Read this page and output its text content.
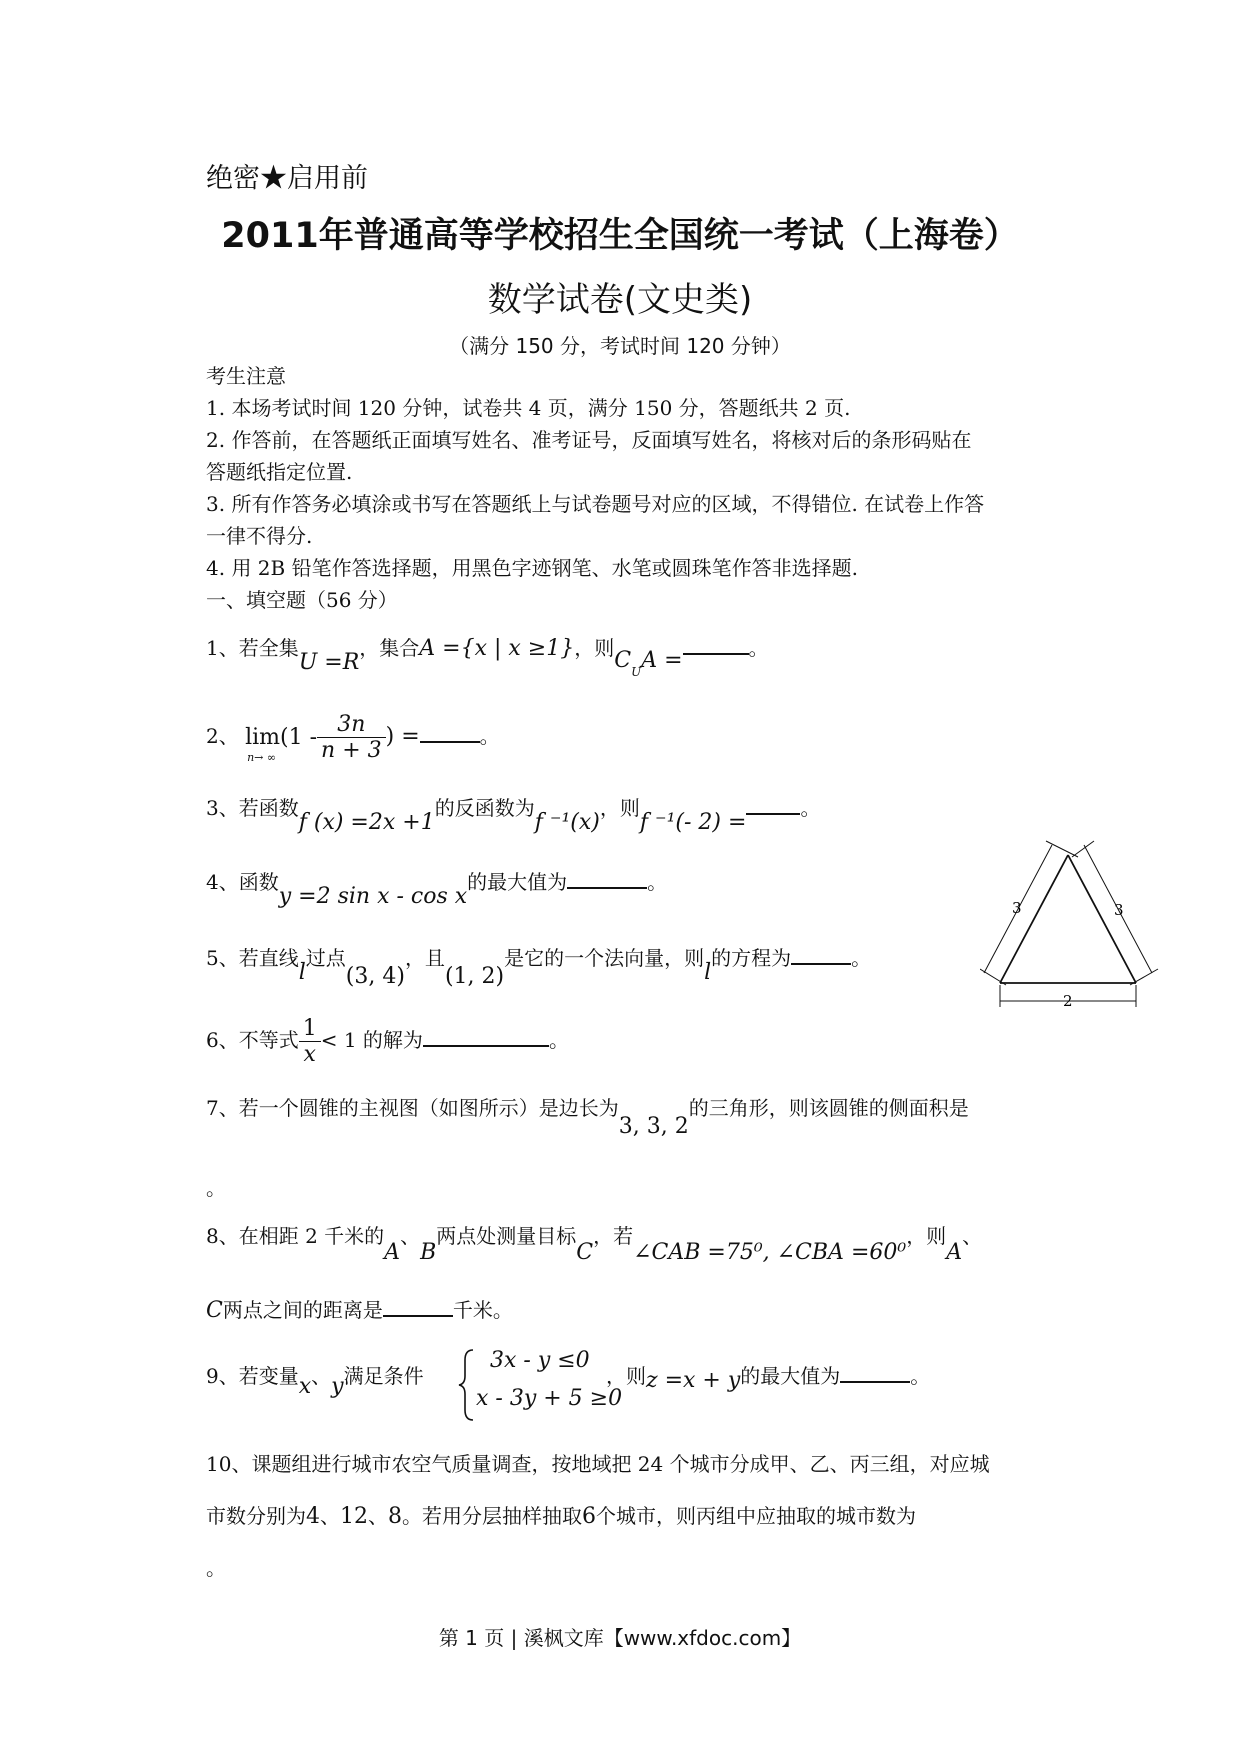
绝密★启用前
2011年普通高等学校招生全国统一考试（上海卷）
数学试卷(文史类)
（满分 150 分，考试时间 120 分钟）
考生注意
1. 本场考试时间 120 分钟，试卷共 4 页，满分 150 分，答题纸共 2 页.
2. 作答前，在答题纸正面填写姓名、准考证号，反面填写姓名，将核对后的条形码贴在
答题纸指定位置.
3. 所有作答务必填涂或书写在答题纸上与试卷题号对应的区域，不得错位. 在试卷上作答
一律不得分.
4. 用 2B 铅笔作答选择题，用黑色字迹钢笔、水笔或圆珠笔作答非选择题.
一、填空题（56 分）
1、若全集U =R，集合A ={x | x ≥1}，则$C_UA$ =	。
2、 lim(1 -
n→ ∞ $\frac{3n}{n + 3}$ ) =	。
3、若函数f (x) =2x +1的反函数为f ⁻¹(x)，则f ⁻¹(- 2) =。
4、函数y =2 sin x - cos x的最大值为	。
5、若直线l过点(3, 4)，且(1, 2)是它的一个法向量，则l的方程为	。
6、不等式 $\frac{1}{x} < 1$ 的解为	。
7、若一个圆锥的主视图（如图所示）是边长为3, 3, 2的三角形，则该圆锥的侧面积是
。
8、在相距 2 千米的A、B两点处测量目标C，若∠CAB =75⁰, ∠CBA =60⁰，则A、
C两点之间的距离是	千米。
9、若变量x、y满足条件
3x - y ≤0
x - 3y + 5 ≥0
，则z =x + y的最大值为	。
10、课题组进行城市农空气质量调查，按地域把 24 个城市分成甲、乙、丙三组，对应城
市数分别为4、12、8。若用分层抽样抽取6个城市，则丙组中应抽取的城市数为
。
3	3
2
第 1 页 | 溪枫文库【www.xfdoc.com】
